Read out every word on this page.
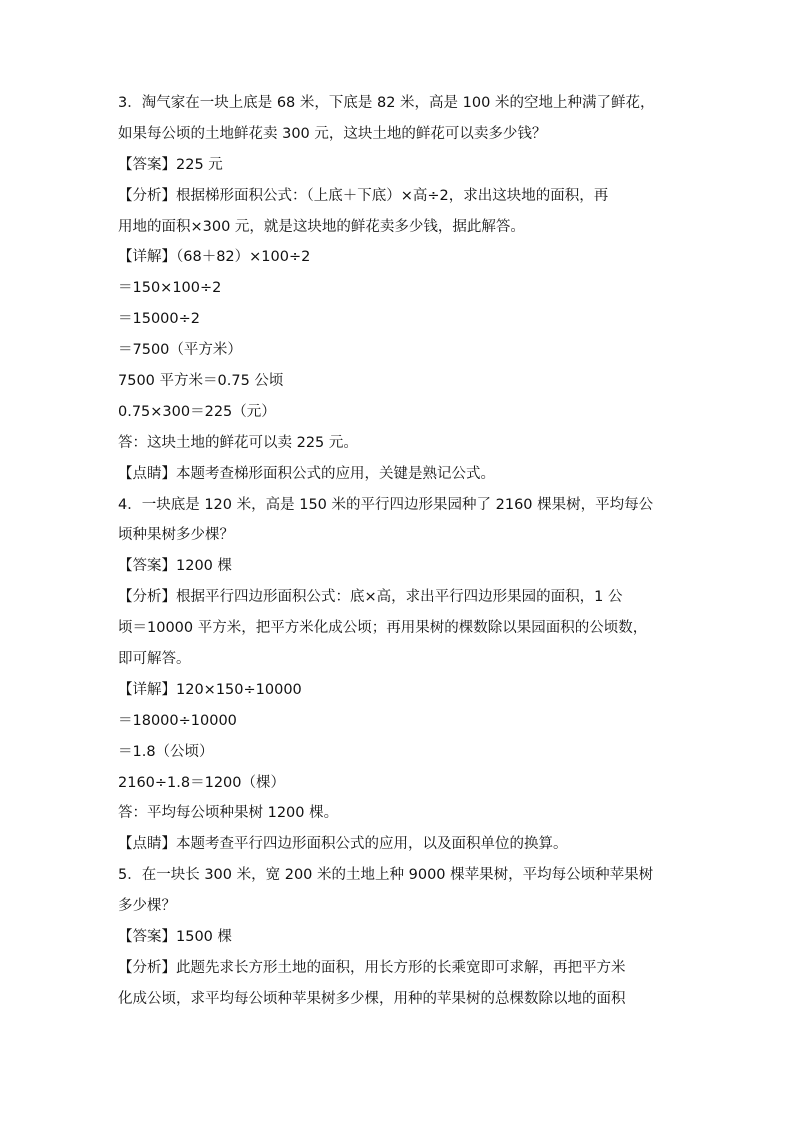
3．淘气家在一块上底是 68 米，下底是 82 米，高是 100 米的空地上种满了鲜花，
如果每公顷的土地鲜花卖 300 元，这块土地的鲜花可以卖多少钱？
【答案】225 元
【分析】根据梯形面积公式：（上底＋下底）×高÷2，求出这块地的面积，再
用地的面积×300 元，就是这块地的鲜花卖多少钱，据此解答。
【详解】（68＋82）×100÷2
＝150×100÷2
＝15000÷2
＝7500（平方米）
7500 平方米＝0.75 公顷
0.75×300＝225（元）
答：这块土地的鲜花可以卖 225 元。
【点睛】本题考查梯形面积公式的应用，关键是熟记公式。
4．一块底是 120 米，高是 150 米的平行四边形果园种了 2160 棵果树，平均每公
顷种果树多少棵？
【答案】1200 棵
【分析】根据平行四边形面积公式：底×高，求出平行四边形果园的面积，1 公
顷＝10000 平方米，把平方米化成公顷；再用果树的棵数除以果园面积的公顷数，
即可解答。
【详解】120×150÷10000
＝18000÷10000
＝1.8（公顷）
2160÷1.8＝1200（棵）
答：平均每公顷种果树 1200 棵。
【点睛】本题考查平行四边形面积公式的应用，以及面积单位的换算。
5．在一块长 300 米，宽 200 米的土地上种 9000 棵苹果树，平均每公顷种苹果树
多少棵？
【答案】1500 棵
【分析】此题先求长方形土地的面积，用长方形的长乘宽即可求解，再把平方米
化成公顷，求平均每公顷种苹果树多少棵，用种的苹果树的总棵数除以地的面积
